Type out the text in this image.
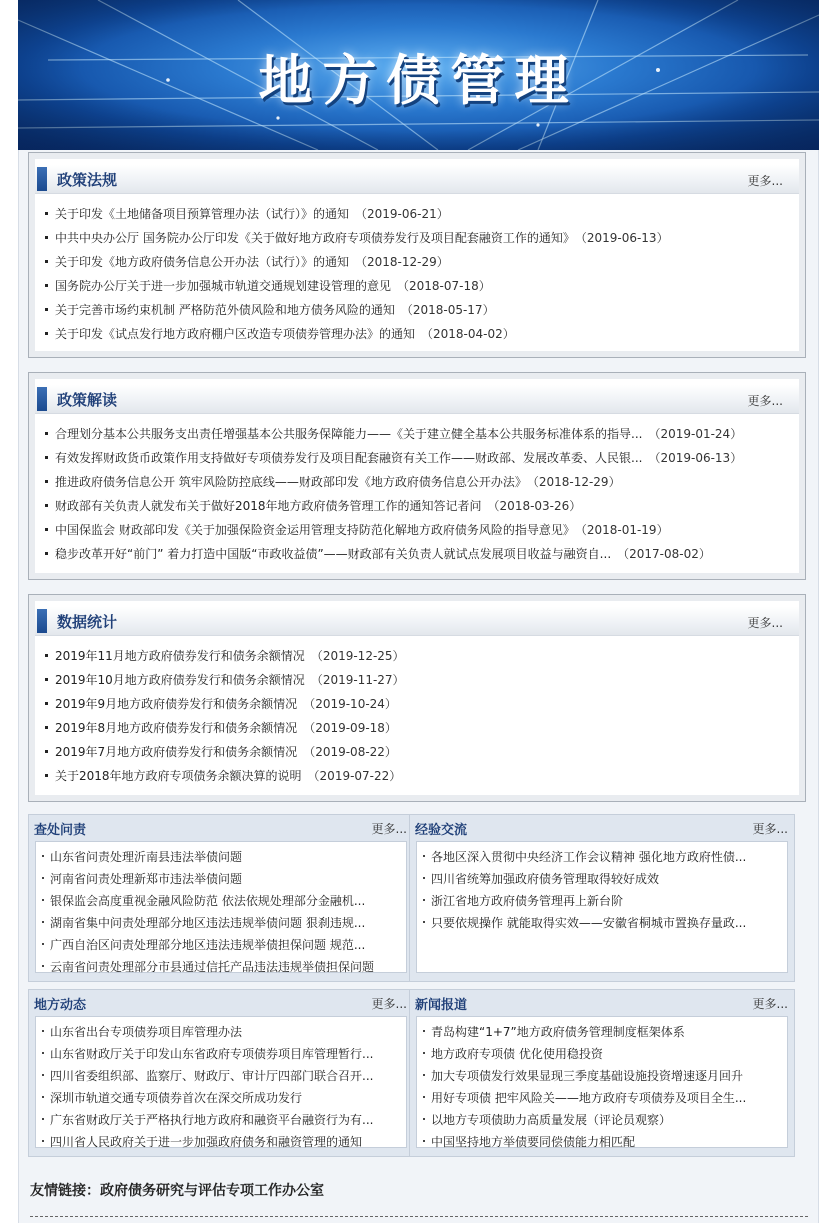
地方债管理
政策法规	更多...
关于印发《土地储备项目预算管理办法（试行）》的通知 （2019-06-21）
中共中央办公厅 国务院办公厅印发《关于做好地方政府专项债券发行及项目配套融资工作的通知》 （2019-06-13）
关于印发《地方政府债务信息公开办法（试行）》的通知 （2018-12-29）
国务院办公厅关于进一步加强城市轨道交通规划建设管理的意见 （2018-07-18）
关于完善市场约束机制 严格防范外债风险和地方债务风险的通知 （2018-05-17）
关于印发《试点发行地方政府棚户区改造专项债券管理办法》的通知 （2018-04-02）
政策解读	更多...
合理划分基本公共服务支出责任增强基本公共服务保障能力——《关于建立健全基本公共服务标准体系的指导... （2019-01-24）
有效发挥财政货币政策作用支持做好专项债券发行及项目配套融资有关工作——财政部、发展改革委、人民银... （2019-06-13）
推进政府债务信息公开 筑牢风险防控底线——财政部印发《地方政府债务信息公开办法》 （2018-12-29）
财政部有关负责人就发布关于做好2018年地方政府债务管理工作的通知答记者问 （2018-03-26）
中国保监会 财政部印发《关于加强保险资金运用管理支持防范化解地方政府债务风险的指导意见》 （2018-01-19）
稳步改革开好“前门” 着力打造中国版“市政收益债”——财政部有关负责人就试点发展项目收益与融资自... （2017-08-02）
数据统计	更多...
2019年11月地方政府债券发行和债务余额情况 （2019-12-25）
2019年10月地方政府债券发行和债务余额情况 （2019-11-27）
2019年9月地方政府债券发行和债务余额情况 （2019-10-24）
2019年8月地方政府债券发行和债务余额情况 （2019-09-18）
2019年7月地方政府债券发行和债务余额情况 （2019-08-22）
关于2018年地方政府专项债务余额决算的说明 （2019-07-22）
查处问责	更多...
山东省问责处理沂南县违法举债问题
河南省问责处理新郑市违法举债问题
银保监会高度重视金融风险防范 依法依规处理部分金融机...
湖南省集中问责处理部分地区违法违规举债问题 狠刹违规...
广西自治区问责处理部分地区违法违规举债担保问题 规范...
云南省问责处理部分市县通过信托产品违法违规举债担保问题
经验交流	更多...
各地区深入贯彻中央经济工作会议精神 强化地方政府性债...
四川省统筹加强政府债务管理取得较好成效
浙江省地方政府债务管理再上新台阶
只要依规操作 就能取得实效——安徽省桐城市置换存量政...
地方动态	更多...
山东省出台专项债券项目库管理办法
山东省财政厅关于印发山东省政府专项债券项目库管理暂行...
四川省委组织部、监察厅、财政厅、审计厅四部门联合召开...
深圳市轨道交通专项债券首次在深交所成功发行
广东省财政厅关于严格执行地方政府和融资平台融资行为有...
四川省人民政府关于进一步加强政府债务和融资管理的通知
新闻报道	更多...
青岛构建“1+7”地方政府债务管理制度框架体系
地方政府专项债 优化使用稳投资
加大专项债发行效果显现三季度基础设施投资增速逐月回升
用好专项债 把牢风险关——地方政府专项债券及项目全生...
以地方专项债助力高质量发展（评论员观察）
中国坚持地方举债要同偿债能力相匹配
友情链接：政府债务研究与评估专项工作办公室
